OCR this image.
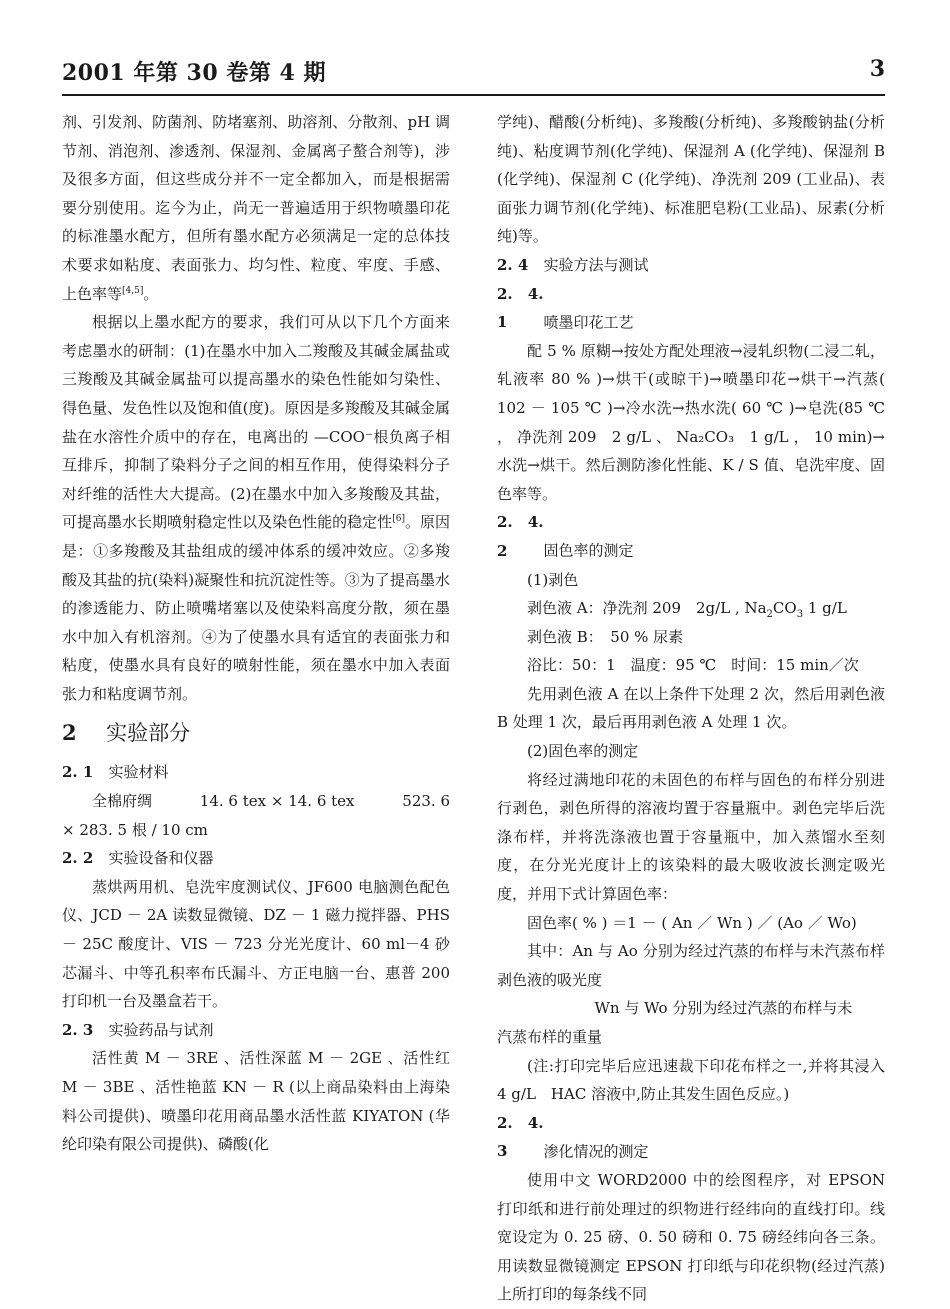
2001 年第 30 卷第 4 期	3

剂、引发剂、防菌剂、防堵塞剂、助溶剂、分散剂、pH 调节剂、消泡剂、渗透剂、保湿剂、金属离子螯合剂等)，涉及很多方面，但这些成分并不一定全都加入，而是根据需要分别使用。迄今为止，尚无一普遍适用于织物喷墨印花的标准墨水配方，但所有墨水配方必须满足一定的总体技术要求如粘度、表面张力、均匀性、粒度、牢度、手感、上色率等[4,5]。

根据以上墨水配方的要求，我们可从以下几个方面来考虑墨水的研制：(1)在墨水中加入二羧酸及其碱金属盐或三羧酸及其碱金属盐可以提高墨水的染色性能如匀染性、得色量、发色性以及饱和值(度)。原因是多羧酸及其碱金属盐在水溶性介质中的存在，电离出的 —COO⁻根负离子相互排斥，抑制了染料分子之间的相互作用，使得染料分子对纤维的活性大大提高。(2)在墨水中加入多羧酸及其盐，可提高墨水长期喷射稳定性以及染色性能的稳定性[6]。原因是：①多羧酸及其盐组成的缓冲体系的缓冲效应。②多羧酸及其盐的抗(染料)凝聚性和抗沉淀性等。③为了提高墨水的渗透能力、防止喷嘴堵塞以及使染料高度分散，须在墨水中加入有机溶剂。④为了使墨水具有适宜的表面张力和粘度，使墨水具有良好的喷射性能，须在墨水中加入表面张力和粘度调节剂。

2 实验部分

2. 1 实验材料

全棉府绸	14. 6 tex × 14. 6 tex	523. 6

× 283. 5 根 / 10 cm

2. 2 实验设备和仪器

蒸烘两用机、皂洗牢度测试仪、JF600 电脑测色配色仪、JCD － 2A 读数显微镜、DZ － 1 磁力搅拌器、PHS － 25C 酸度计、VIS － 723 分光光度计、60 ml－4 砂芯漏斗、中等孔积率布氏漏斗、方正电脑一台、惠普 200 打印机一台及墨盒若干。

2. 3 实验药品与试剂

活性黄 M － 3RE 、活性深蓝 M － 2GE 、活性红 M － 3BE 、活性艳蓝 KN － R (以上商品染料由上海染料公司提供)、喷墨印花用商品墨水活性蓝 KIYATON (华纶印染有限公司提供)、磷酸(化

学纯)、醋酸(分析纯)、多羧酸(分析纯)、多羧酸钠盐(分析纯)、粘度调节剂(化学纯)、保湿剂 A (化学纯)、保湿剂 B (化学纯)、保湿剂 C (化学纯)、净洗剂 209 (工业品)、表面张力调节剂(化学纯)、标准肥皂粉(工业品)、尿素(分析纯)等。

2. 4 实验方法与测试

2. 4. 1 喷墨印花工艺

配 5 % 原糊→按处方配处理液→浸轧织物(二浸二轧，轧液率 80 % )→烘干(或晾干)→喷墨印花→烘干→汽蒸( 102 － 105 ℃ )→冷水洗→热水洗( 60 ℃ )→皂洗(85 ℃ ， 净洗剂 209　2 g/L 、 Na₂CO₃　1 g/L ， 10 min)→水洗→烘干。然后测防渗化性能、K / S 值、皂洗牢度、固色率等。

2. 4. 2 固色率的测定

(1)剥色

剥色液 A：净洗剂 209　2g/L , $Na_2CO_3$ 1 g/L

剥色液 B：　50 % 尿素

浴比：50：1　温度：95 ℃　时间：15 min／次

先用剥色液 A 在以上条件下处理 2 次，然后用剥色液 B 处理 1 次，最后再用剥色液 A 处理 1 次。

(2)固色率的测定

将经过满地印花的未固色的布样与固色的布样分别进行剥色，剥色所得的溶液均置于容量瓶中。剥色完毕后洗涤布样，并将洗涤液也置于容量瓶中，加入蒸馏水至刻度，在分光光度计上的该染料的最大吸收波长测定吸光度，并用下式计算固色率：

固色率( % ) ＝1 － ( An ／ Wn ) ／ (Ao ／ Wo)

其中：An 与 Ao 分别为经过汽蒸的布样与未汽蒸布样剥色液的吸光度

Wn 与 Wo 分别为经过汽蒸的布样与未

汽蒸布样的重量

(注:打印完毕后应迅速裁下印花布样之一,并将其浸入 4 g/L　HAC 溶液中,防止其发生固色反应。)

2. 4. 3 渗化情况的测定

使用中文 WORD2000 中的绘图程序，对 EPSON 打印纸和进行前处理过的织物进行经纬向的直线打印。线宽设定为 0. 25 磅、0. 50 磅和 0. 75 磅经纬向各三条。用读数显微镜测定 EPSON 打印纸与印花织物(经过汽蒸)上所打印的每条线不同
